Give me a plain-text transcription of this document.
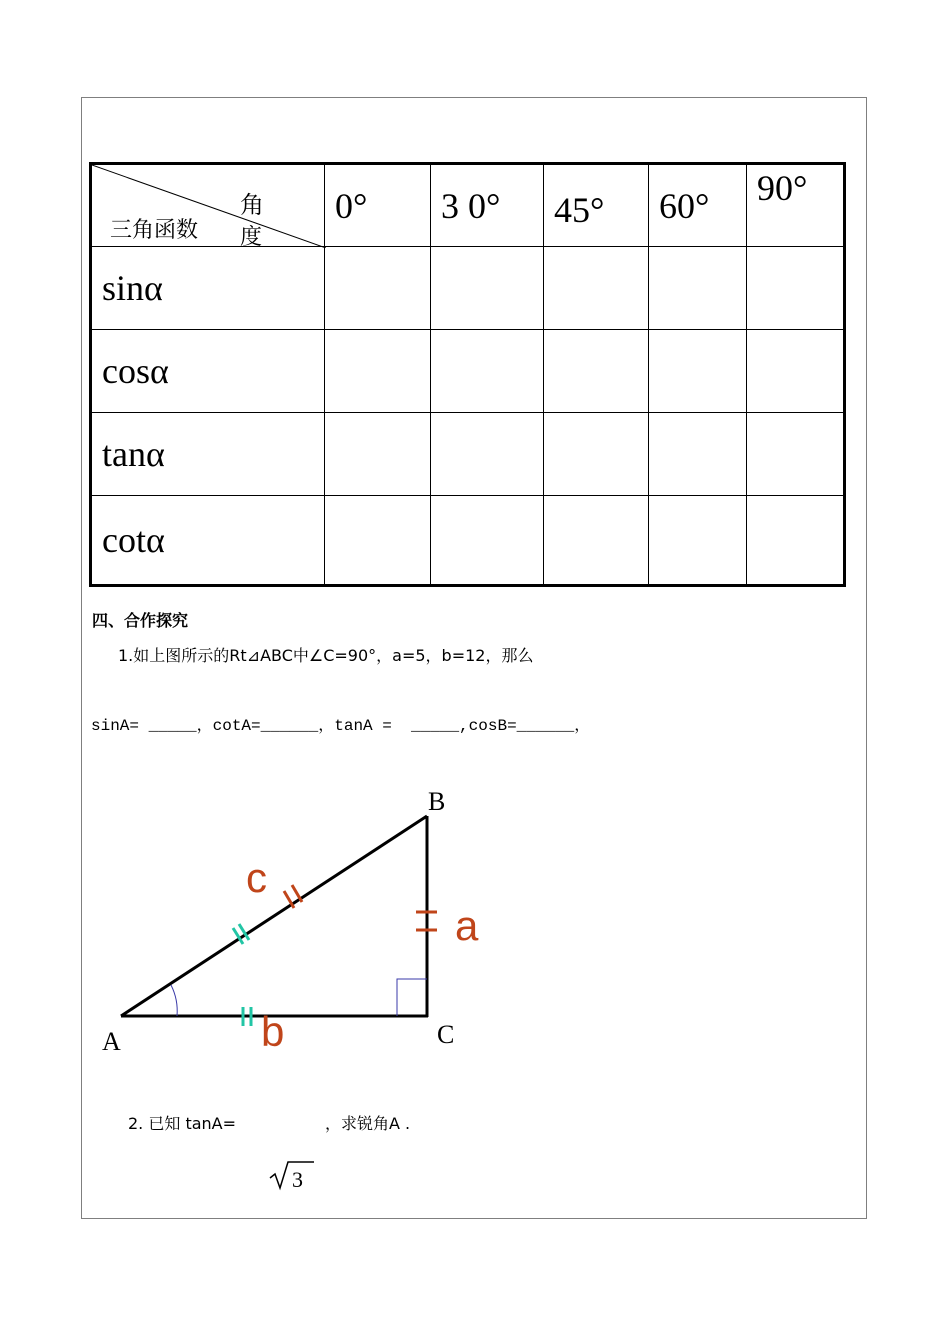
角
度
三角函数	0°	3 0°	45°	60°	90°
sinα					
cosα					
tanα					
cotα					
四、合作探究
1.如上图所示的Rt⊿ABC中∠C=90°，a=5，b=12，那么
sinA= _____，cotA=______，tanA =  _____,cosB=______，
B
A	C
a
b
c
2. 已知 tanA=	，求锐角A .
3
